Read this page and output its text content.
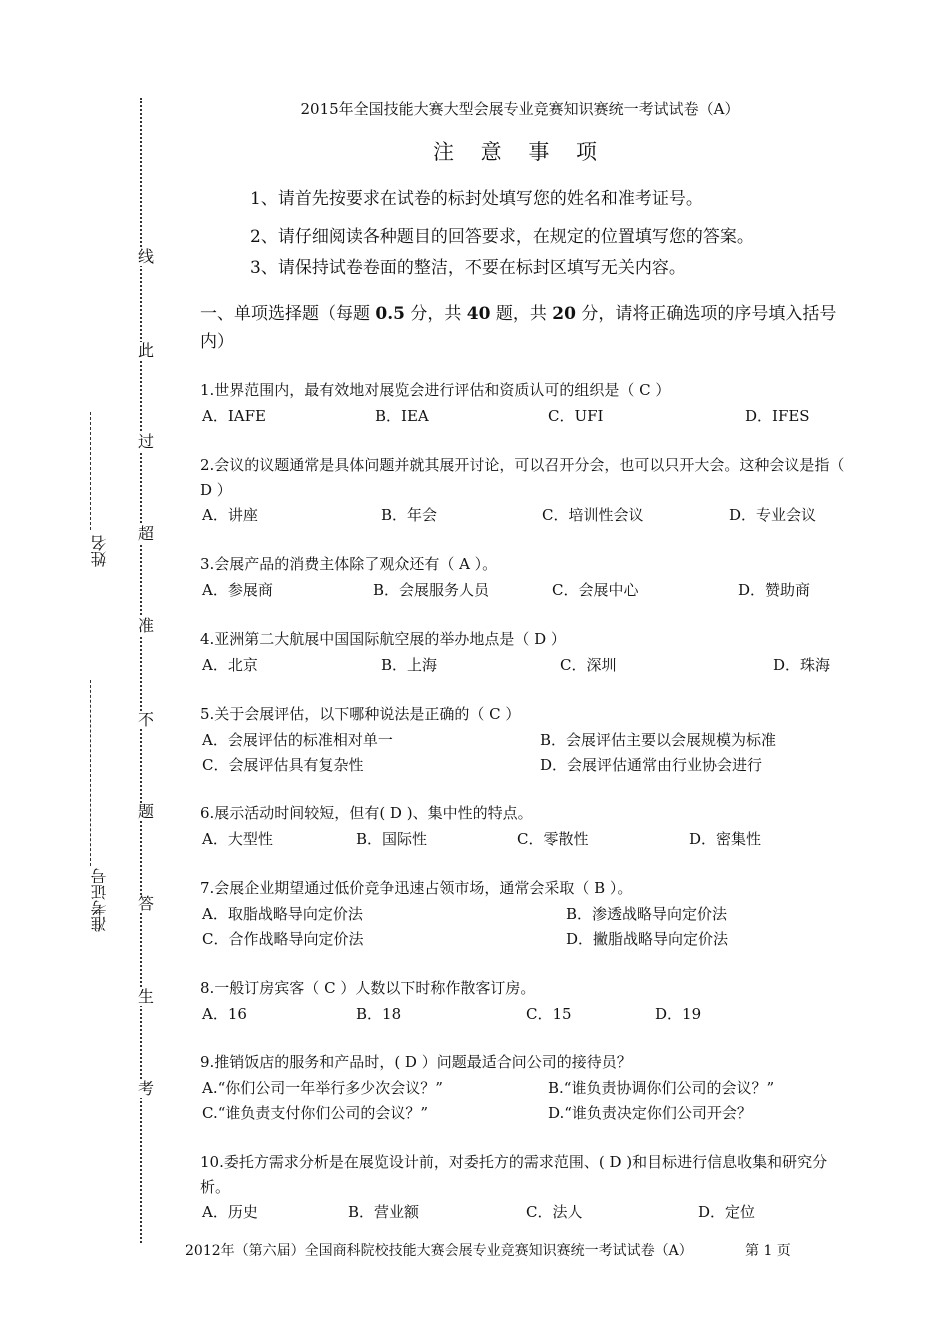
线
此
过
超
准
不
题
答
生
考
姓名
准考证号
2015年全国技能大赛大型会展专业竞赛知识赛统一考试试卷（A）
注 意 事 项
1、请首先按要求在试卷的标封处填写您的姓名和准考证号。
2、请仔细阅读各种题目的回答要求，在规定的位置填写您的答案。
3、请保持试卷卷面的整洁，不要在标封区填写无关内容。
一、单项选择题（每题 0.5 分，共 40 题，共 20 分，请将正确选项的序号填入括号内）
1.世界范围内，最有效地对展览会进行评估和资质认可的组织是（ C ）
A．IAFE	B．IEA	C．UFI	D．IFES
2.会议的议题通常是具体问题并就其展开讨论，可以召开分会，也可以只开大会。这种会议是指（ D ）
A．讲座	B．年会	C．培训性会议	D．专业会议
3.会展产品的消费主体除了观众还有（ A ）。
A．参展商	B．会展服务人员	C．会展中心	D．赞助商
4.亚洲第二大航展中国国际航空展的举办地点是（ D ）
A．北京	B．上海	C．深圳	D．珠海
5.关于会展评估，以下哪种说法是正确的（ C ）
A．会展评估的标准相对单一	B．会展评估主要以会展规模为标准
C．会展评估具有复杂性	D．会展评估通常由行业协会进行
6.展示活动时间较短，但有( D )、集中性的特点。
A．大型性	B．国际性	C．零散性	D．密集性
7.会展企业期望通过低价竞争迅速占领市场，通常会采取（ B ）。
A．取脂战略导向定价法	B．渗透战略导向定价法
C．合作战略导向定价法	D．撇脂战略导向定价法
8.一般订房宾客（ C ）人数以下时称作散客订房。
A．16	B．18	C．15	D．19
9.推销饭店的服务和产品时，( D ）问题最适合问公司的接待员？
A.“你们公司一年举行多少次会议？”	B.“谁负责协调你们公司的会议？”
C.“谁负责支付你们公司的会议？”	D.“谁负责决定你们公司开会？
10.委托方需求分析是在展览设计前，对委托方的需求范围、( D )和目标进行信息收集和研究分析。
A．历史	B．营业额	C．法人	D．定位
2012年（第六届）全国商科院校技能大赛会展专业竞赛知识赛统一考试试卷（A）	第 1 页
